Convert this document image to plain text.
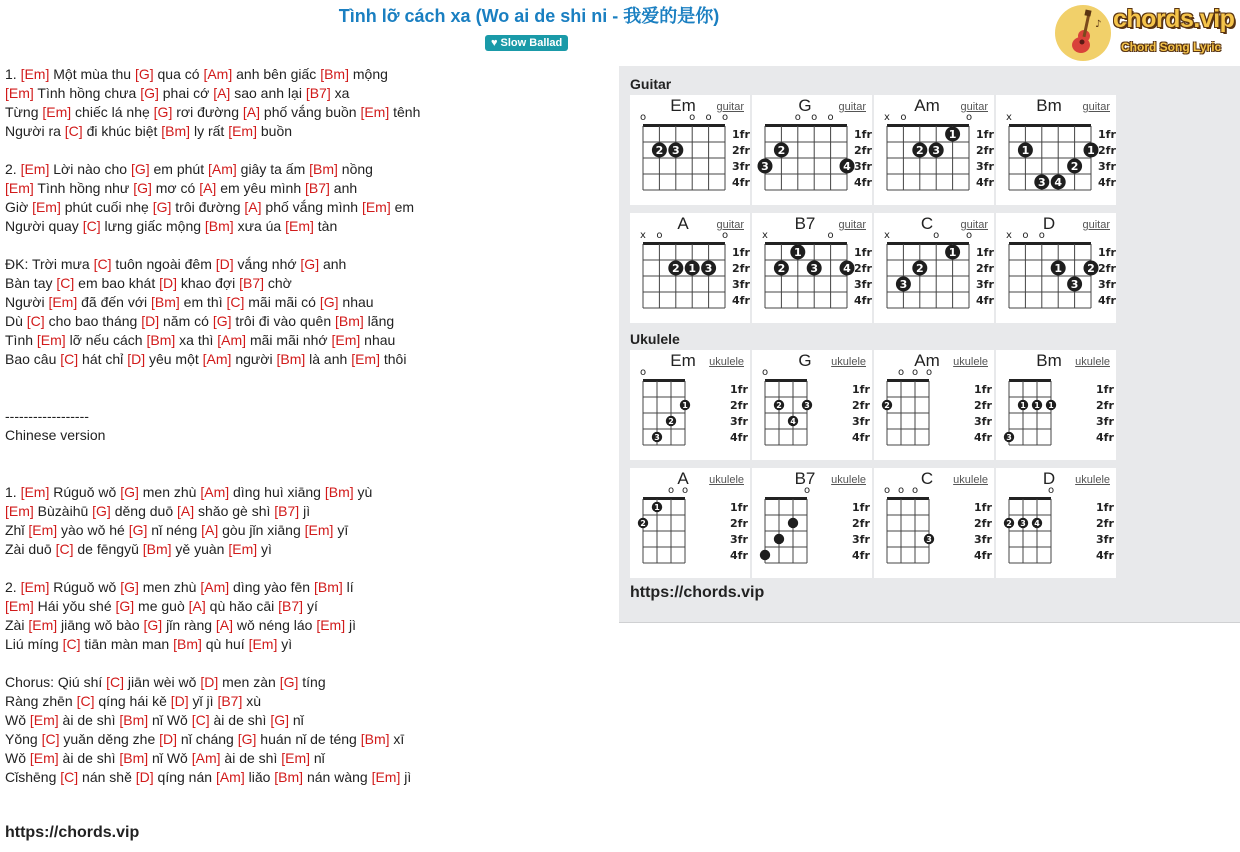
Tình lỡ cách xa (Wo ai de shi ni - 我爱的是你)
♥ Slow Ballad
♪ chords.vip
Chord Song Lyric
1. [Em] Một mùa thu [G] qua có [Am] anh bên giấc [Bm] mộng
[Em] Tình hồng chưa [G] phai cớ [A] sao anh lại [B7] xa
Từng [Em] chiếc lá nhẹ [G] rơi đường [A] phố vắng buồn [Em] tênh
Người ra [C] đi khúc biệt [Bm] ly rất [Em] buồn
2. [Em] Lời nào cho [G] em phút [Am] giây ta ấm [Bm] nồng
[Em] Tình hồng như [G] mơ có [A] em yêu mình [B7] anh
Giờ [Em] phút cuối nhẹ [G] trôi đường [A] phố vắng mình [Em] em
Người quay [C] lưng giấc mộng [Bm] xưa úa [Em] tàn
ĐK: Trời mưa [C] tuôn ngoài đêm [D] vắng nhớ [G] anh
Bàn tay [C] em bao khát [D] khao đợi [B7] chờ
Người [Em] đã đến với [Bm] em thì [C] mãi mãi có [G] nhau
Dù [C] cho bao tháng [D] năm có [G] trôi đi vào quên [Bm] lãng
Tình [Em] lỡ nếu cách [Bm] xa thì [Am] mãi mãi nhớ [Em] nhau
Bao câu [C] hát chỉ [D] yêu một [Am] người [Bm] là anh [Em] thôi
------------------
Chinese version
1. [Em] Rúguǒ wǒ [G] men zhù [Am] dìng huì xiāng [Bm] yù
[Em] Bùzàihū [G] děng duō [A] shǎo gè shì [B7] jì
Zhǐ [Em] yào wǒ hé [G] nǐ néng [A] gòu jǐn xiāng [Em] yī
Zài duō [C] de fēngyǔ [Bm] yě yuàn [Em] yì
2. [Em] Rúguǒ wǒ [G] men zhù [Am] dìng yào fēn [Bm] lí
[Em] Hái yǒu shé [G] me guò [A] qù hǎo cāi [B7] yí
Zài [Em] jiāng wǒ bào [G] jǐn ràng [A] wǒ néng láo [Em] jì
Liú míng [C] tiān màn man [Bm] qù huí [Em] yì
Chorus: Qiú shí [C] jiān wèi wǒ [D] men zàn [G] tíng
Ràng zhēn [C] qíng hái kě [D] yǐ jì [B7] xù
Wǒ [Em] ài de shì [Bm] nǐ Wǒ [C] ài de shì [G] nǐ
Yǒng [C] yuǎn děng zhe [D] nǐ cháng [G] huán nǐ de téng [Bm] xī
Wǒ [Em] ài de shì [Bm] nǐ Wǒ [Am] ài de shì [Em] nǐ
Cǐshēng [C] nán shě [D] qíng nán [Am] liǎo [Bm] nán wàng [Em] jì
https://chords.vip
Guitar
Em	guitar
o	o o o
1fr
2fr
3fr
4fr
2 3
G	guitar
o o o
1fr
2fr
3fr
4fr
3
2
4
Am	guitar
x o	o
1fr
2fr
3fr
4fr
2 3
1
Bm	guitar
x
1fr
2fr
3fr
4fr
1	1
2
3 4
A	guitar
x o	o
1fr
2fr
3fr
4fr
2 1 3
B7	guitar
x	o
1fr
2fr
3fr
4fr
2
1
3 4
C	guitar
x	o	o
1fr
2fr
3fr
4fr
3
2
1
D	guitar
x o o
1fr
2fr
3fr
4fr
1
3
2
Ukulele
Em	ukulele
o
1fr
2fr
3fr
4fr
3
2
1
G	ukulele
o
1fr
2fr
3fr
4fr
2
4
3
Am	ukulele
o o o
1fr
2fr
3fr
4fr
2
Bm	ukulele
1fr
2fr
3fr
4fr
3
1 1 1
A	ukulele
o o
1fr
2fr
3fr
4fr
2
1
B7	ukulele
o
1fr
2fr
3fr
4fr
C	ukulele
o o o
1fr
2fr
3fr
4fr
3
D	ukulele
o
1fr
2fr
3fr
4fr
2 3 4
https://chords.vip
